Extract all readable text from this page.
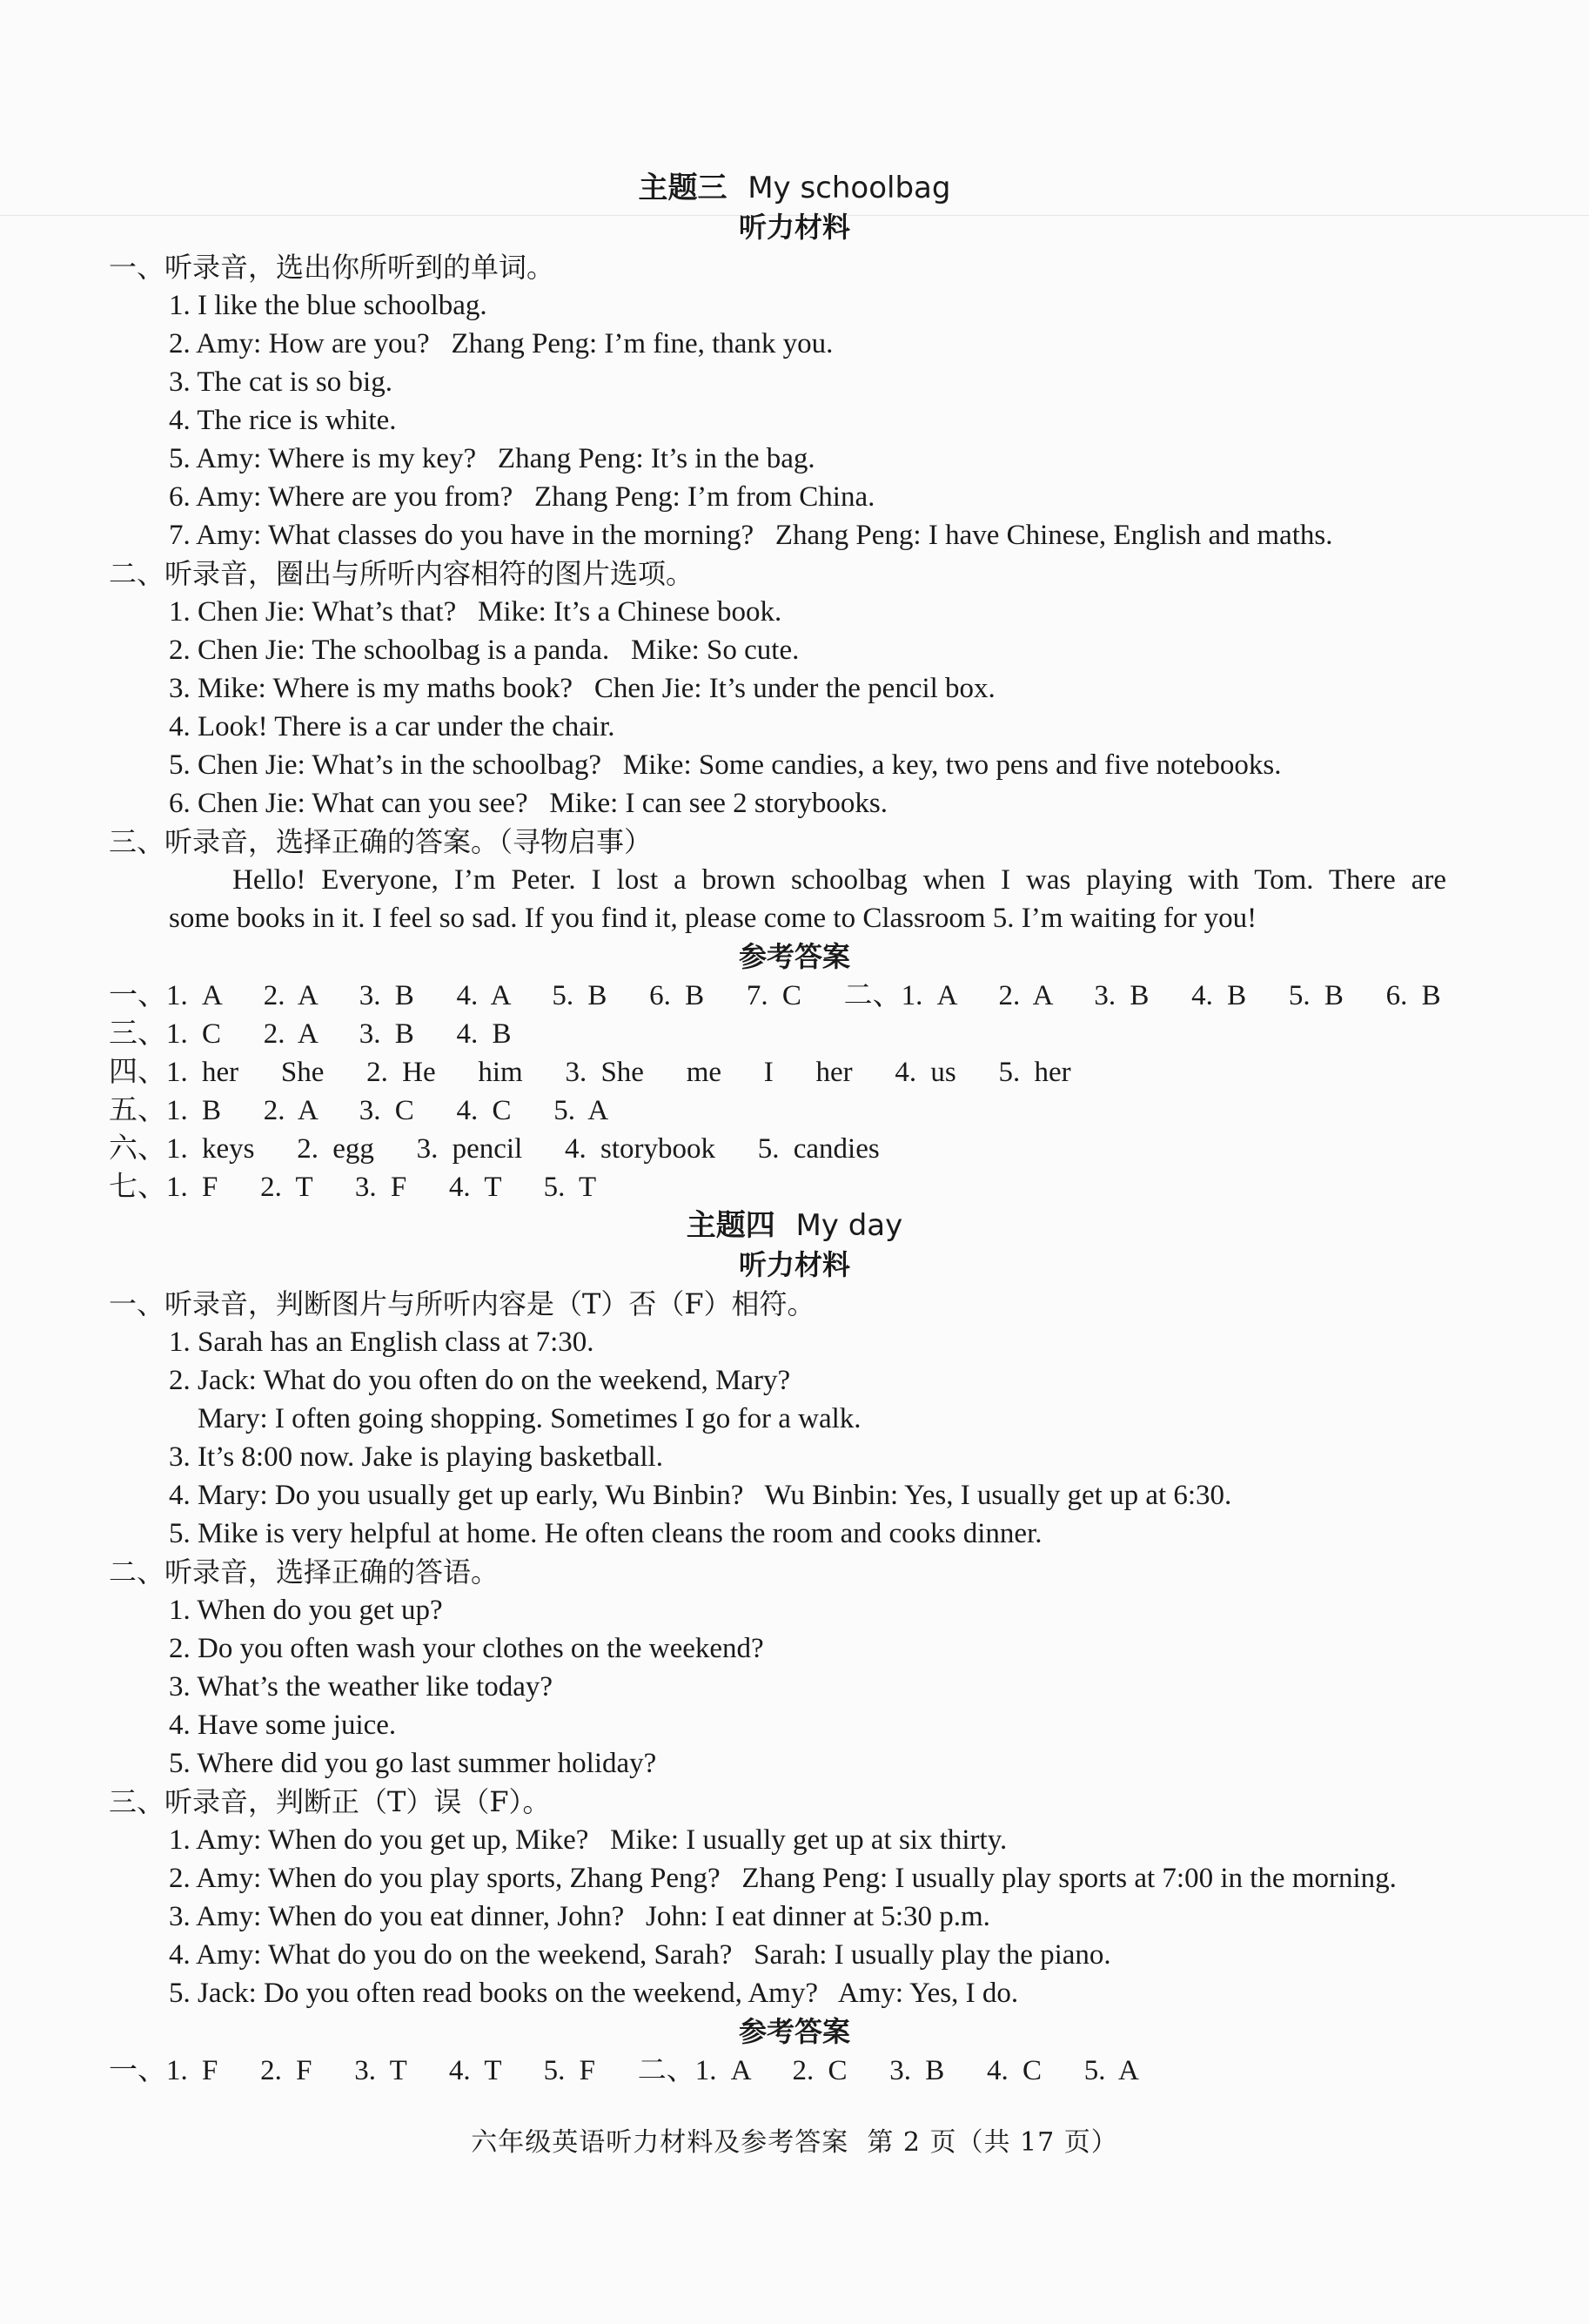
主题三 My schoolbag
听力材料
一、听录音，选出你所听到的单词。
1. I like the blue schoolbag.
2. Amy: How are you?   Zhang Peng: I’m fine, thank you.
3. The cat is so big.
4. The rice is white.
5. Amy: Where is my key?   Zhang Peng: It’s in the bag.
6. Amy: Where are you from?   Zhang Peng: I’m from China.
7. Amy: What classes do you have in the morning?   Zhang Peng: I have Chinese, English and maths.
二、听录音，圈出与所听内容相符的图片选项。
1. Chen Jie: What’s that?   Mike: It’s a Chinese book.
2. Chen Jie: The schoolbag is a panda.   Mike: So cute.
3. Mike: Where is my maths book?   Chen Jie: It’s under the pencil box.
4. Look! There is a car under the chair.
5. Chen Jie: What’s in the schoolbag?   Mike: Some candies, a key, two pens and five notebooks.
6. Chen Jie: What can you see?   Mike: I can see 2 storybooks.
三、听录音，选择正确的答案。（寻物启事）
Hello! Everyone, I’m Peter. I lost a brown schoolbag when I was playing with Tom. There are
some books in it. I feel so sad. If you find it, please come to Classroom 5. I’m waiting for you!
参考答案
一、1. A   2. A   3. B   4. A   5. B   6. B   7. C   二、1. A   2. A   3. B   4. B   5. B   6. B
三、1. C   2. A   3. B   4. B
四、1. her   She   2. He   him   3. She   me   I   her   4. us   5. her
五、1. B   2. A   3. C   4. C   5. A
六、1. keys   2. egg   3. pencil   4. storybook   5. candies
七、1. F   2. T   3. F   4. T   5. T
主题四 My day
听力材料
一、听录音，判断图片与所听内容是（T）否（F）相符。
1. Sarah has an English class at 7:30.
2. Jack: What do you often do on the weekend, Mary?
Mary: I often going shopping. Sometimes I go for a walk.
3. It’s 8:00 now. Jake is playing basketball.
4. Mary: Do you usually get up early, Wu Binbin?   Wu Binbin: Yes, I usually get up at 6:30.
5. Mike is very helpful at home. He often cleans the room and cooks dinner.
二、听录音，选择正确的答语。
1. When do you get up?
2. Do you often wash your clothes on the weekend?
3. What’s the weather like today?
4. Have some juice.
5. Where did you go last summer holiday?
三、听录音，判断正（T）误（F）。
1. Amy: When do you get up, Mike?   Mike: I usually get up at six thirty.
2. Amy: When do you play sports, Zhang Peng?   Zhang Peng: I usually play sports at 7:00 in the morning.
3. Amy: When do you eat dinner, John?   John: I eat dinner at 5:30 p.m.
4. Amy: What do you do on the weekend, Sarah?   Sarah: I usually play the piano.
5. Jack: Do you often read books on the weekend, Amy?   Amy: Yes, I do.
参考答案
一、1. F   2. F   3. T   4. T   5. F   二、1. A   2. C   3. B   4. C   5. A
六年级英语听力材料及参考答案  第 2 页（共 17 页）
